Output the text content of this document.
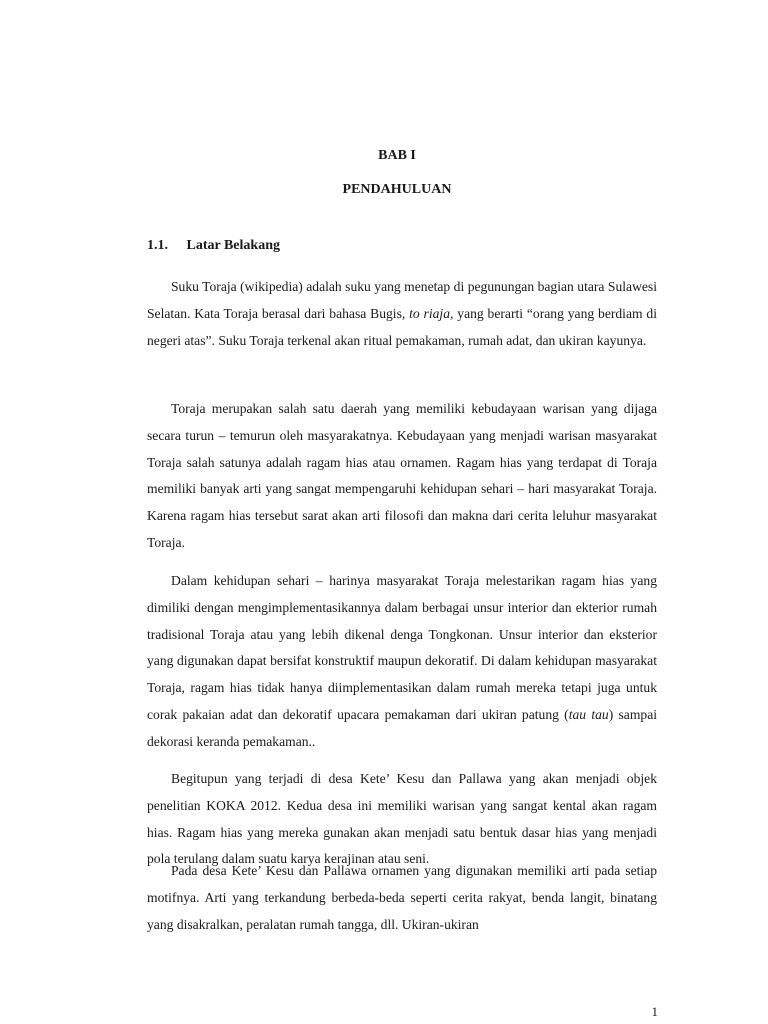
BAB I
PENDAHULUAN
1.1. Latar Belakang

Suku Toraja (wikipedia) adalah suku yang menetap di pegunungan bagian utara Sulawesi Selatan. Kata Toraja berasal dari bahasa Bugis, to riaja, yang berarti “orang yang berdiam di negeri atas”. Suku Toraja terkenal akan ritual pemakaman, rumah adat, dan ukiran kayunya.

Toraja merupakan salah satu daerah yang memiliki kebudayaan warisan yang dijaga secara turun – temurun oleh masyarakatnya. Kebudayaan yang menjadi warisan masyarakat Toraja salah satunya adalah ragam hias atau ornamen. Ragam hias yang terdapat di Toraja memiliki banyak arti yang sangat mempengaruhi kehidupan sehari – hari masyarakat Toraja. Karena ragam hias tersebut sarat akan arti filosofi dan makna dari cerita leluhur masyarakat Toraja.

Dalam kehidupan sehari – harinya masyarakat Toraja melestarikan ragam hias yang dimiliki dengan mengimplementasikannya dalam berbagai unsur interior dan ekterior rumah tradisional Toraja atau yang lebih dikenal denga Tongkonan. Unsur interior dan eksterior yang digunakan dapat bersifat konstruktif maupun dekoratif. Di dalam kehidupan masyarakat Toraja, ragam hias tidak hanya diimplementasikan dalam rumah mereka tetapi juga untuk corak pakaian adat dan dekoratif upacara pemakaman dari ukiran patung (tau tau) sampai dekorasi keranda pemakaman..

Begitupun yang terjadi di desa Kete’ Kesu dan Pallawa yang akan menjadi objek penelitian KOKA 2012. Kedua desa ini memiliki warisan yang sangat kental akan ragam hias. Ragam hias yang mereka gunakan akan menjadi satu bentuk dasar hias yang menjadi pola terulang dalam suatu karya kerajinan atau seni.

Pada desa Kete’ Kesu dan Pallawa ornamen yang digunakan memiliki arti pada setiap motifnya. Arti yang terkandung berbeda-beda seperti cerita rakyat, benda langit, binatang yang disakralkan, peralatan rumah tangga, dll. Ukiran-ukiran

1
